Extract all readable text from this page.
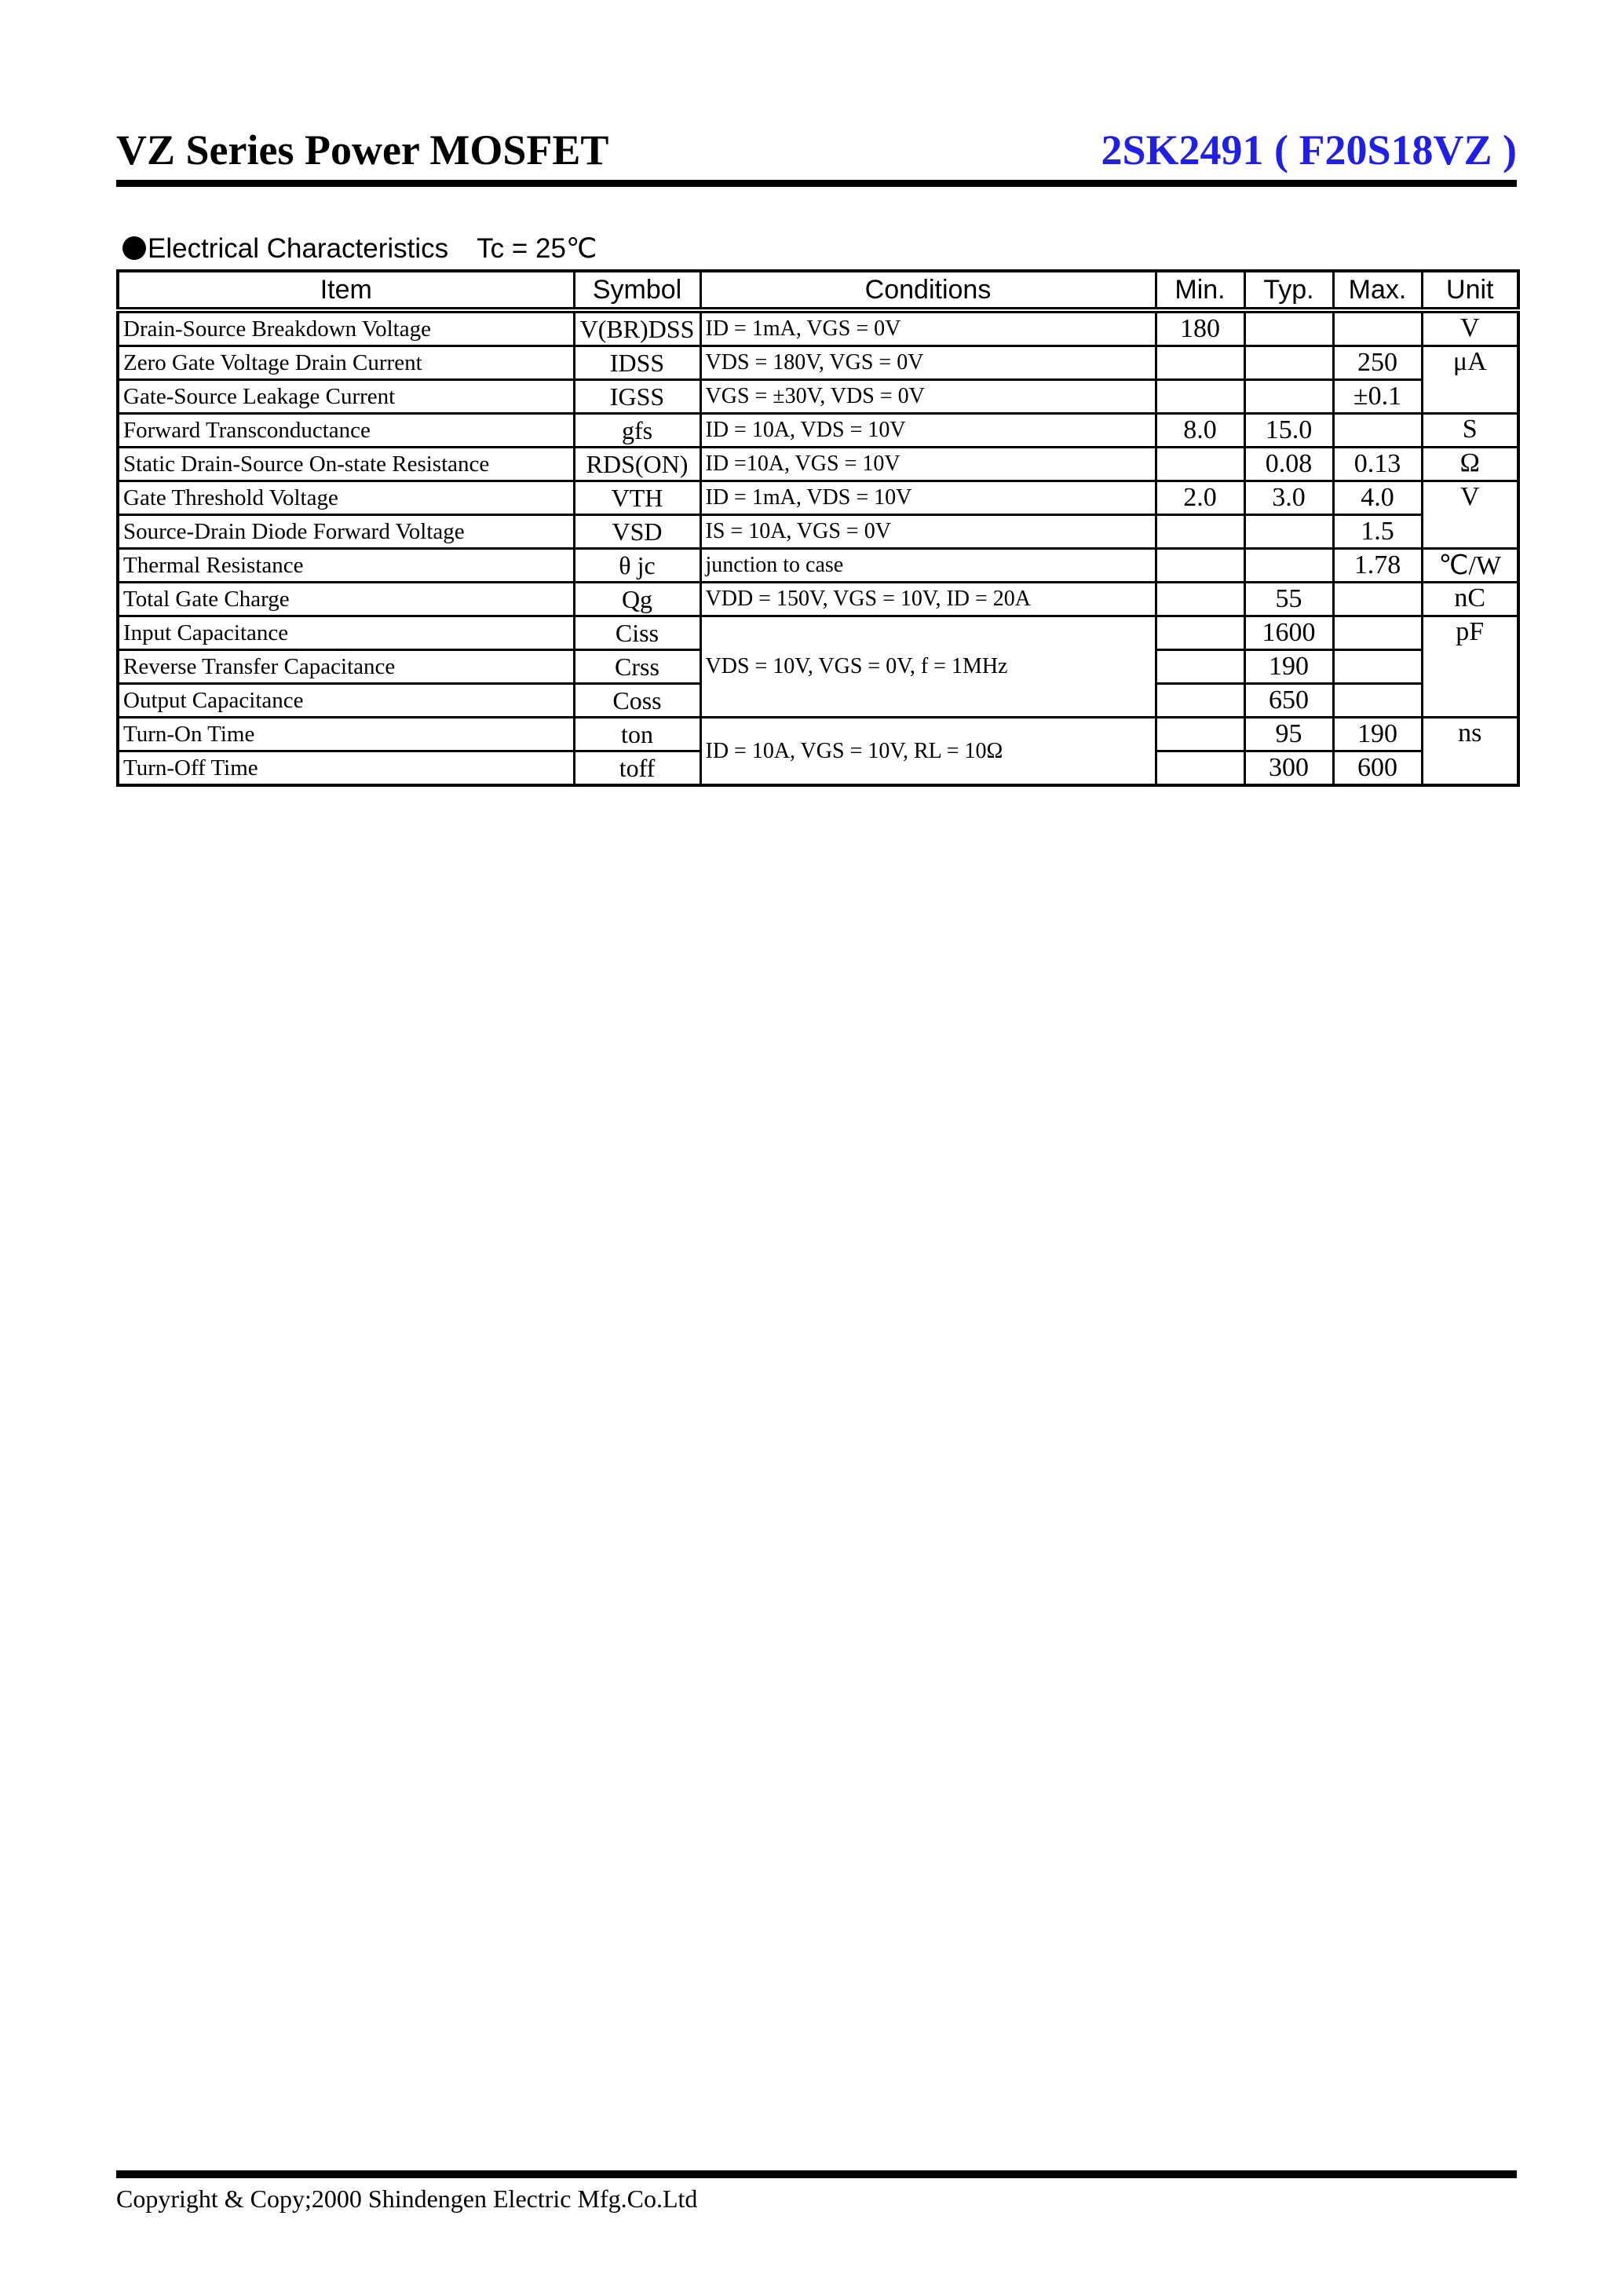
VZ Series Power MOSFET	2SK2491 ( F20S18VZ )
Electrical Characteristics Tc = 25℃
Item	Symbol	Conditions	Min.	Typ.	Max.	Unit
Drain-Source Breakdown Voltage	V(BR)DSS	ID = 1mA, VGS = 0V	180			V
Zero Gate Voltage Drain Current	IDSS	VDS = 180V, VGS = 0V			250	μA
Gate-Source Leakage Current	IGSS	VGS = ±30V, VDS = 0V			±0.1	
Forward Transconductance	gfs	ID = 10A, VDS = 10V	8.0	15.0		S
Static Drain-Source On-state Resistance	RDS(ON)	ID =10A, VGS = 10V		0.08	0.13	Ω
Gate Threshold Voltage	VTH	ID = 1mA, VDS = 10V	2.0	3.0	4.0	V
Source-Drain Diode Forward Voltage	VSD	IS = 10A, VGS = 0V			1.5	
Thermal Resistance	θ jc	junction to case			1.78	℃/W
Total Gate Charge	Qg	VDD = 150V, VGS = 10V, ID = 20A		55		nC
Input Capacitance	Ciss	VDS = 10V, VGS = 0V, f = 1MHz		1600		pF
Reverse Transfer Capacitance	Crss			190		
Output Capacitance	Coss			650		
Turn-On Time	ton	ID = 10A, VGS = 10V, RL = 10Ω		95	190	ns
Turn-Off Time	toff			300	600	
Copyright & Copy;2000 Shindengen Electric Mfg.Co.Ltd
